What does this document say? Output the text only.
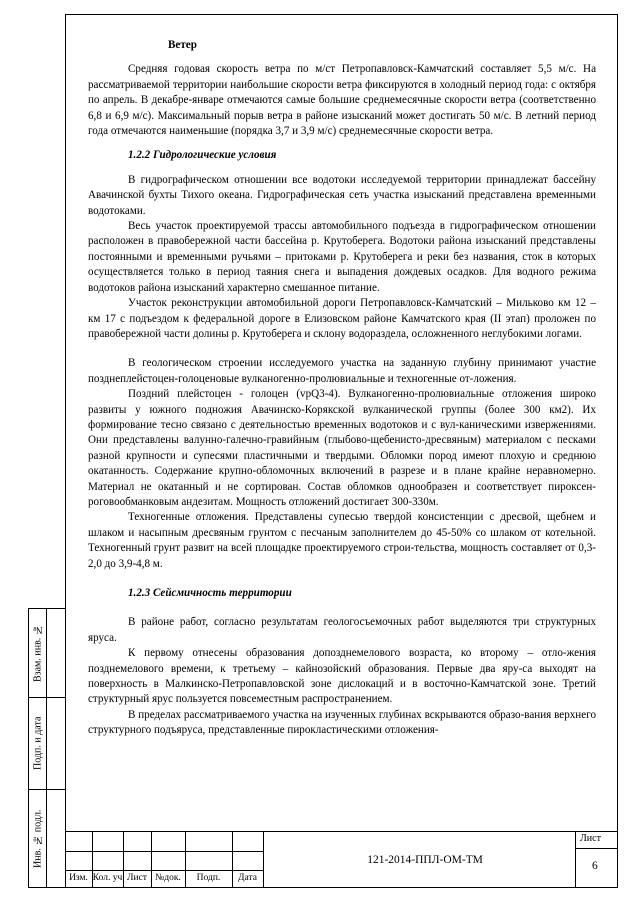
Ветер

Средняя годовая скорость ветра по м/ст Петропавловск-Камчатский составляет 5,5 м/с. На рассматриваемой территории наибольшие скорости ветра фиксируются в холодный период года: с октября по апрель. В декабре-январе отмечаются самые большие среднемесячные скорости ветра (соответственно 6,8 и 6,9 м/с). Максимальный порыв ветра в районе изысканий может достигать 50 м/с. В летний период года отмечаются наименьшие (порядка 3,7 и 3,9 м/с) среднемесячные скорости ветра.

1.2.2 Гидрологические условия

В гидрографическом отношении все водотоки исследуемой территории принадлежат бассейну Авачинской бухты Тихого океана. Гидрографическая сеть участка изысканий представлена временными водотоками.

Весь участок проектируемой трассы автомобильного подъезда в гидрографическом отношении расположен в правобережной части бассейна р. Крутоберега. Водотоки района изысканий представлены постоянными и временными ручьями – притоками р. Крутоберега и реки без названия, сток в которых осуществляется только в период таяния снега и выпадения дождевых осадков. Для водного режима водотоков района изысканий характерно смешанное питание.

Участок реконструкции автомобильной дороги Петропавловск-Камчатский – Мильково км 12 – км 17 с подъездом к федеральной дороге в Елизовском районе Камчатского края (II этап) проложен по правобережной части долины р. Крутоберега и склону водораздела, осложненного неглубокими логами.

В геологическом строении исследуемого участка на заданную глубину принимают участие позднеплейстоцен-голоценовые вулканогенно-пролювиальные и техногенные от-ложения.

Поздний плейстоцен - голоцен (vpQ3-4). Вулканогенно-пролювиальные отложения широко развиты у южного подножия Авачинско-Корякской вулканической группы (более 300 км2). Их формирование тесно связано с деятельностью временных водотоков и с вул-каническими извержениями. Они представлены валунно-галечно-гравийным (глыбово-щебенисто-дресвяным) материалом с песками разной крупности и супесями пластичными и твердыми. Обломки пород имеют плохую и среднюю окатанность. Содержание крупно-обломочных включений в разрезе и в плане крайне неравномерно. Материал не окатанный и не сортирован. Состав обломков однообразен и соответствует пироксен-роговообманковым андезитам. Мощность отложений достигает 300-330м.

Техногенные отложения. Представлены супесью твердой консистенции с дресвой, щебнем и шлаком и насыпным дресвяным грунтом с песчаным заполнителем до 45-50% со шлаком от котельной. Техногенный грунт развит на всей площадке проектируемого строи-тельства, мощность составляет от 0,3-2,0 до 3,9-4,8 м.

1.2.3 Сейсмичность территории

В районе работ, согласно результатам геологосъемочных работ выделяются три структурных яруса.

К первому отнесены образования допозднемелового возраста, ко второму – отло-жения позднемелового времени, к третьему – кайнозойский образования. Первые два яру-са выходят на поверхность в Малкинско-Петропавловской зоне дислокаций и в восточно-Камчатской зоне. Третий структурный ярус пользуется повсеместным распространением.

В пределах рассматриваемого участка на изученных глубинах вскрываются образо-вания верхнего структурного подъяруса, представленные пирокластическими отложения-

Взам. инв. №
Подп. и дата
Инв. № подл.
Изм. Кол. уч Лист №док.	Подп.	Дата
121-2014-ППЛ-ОМ-ТМ
Лист
6
